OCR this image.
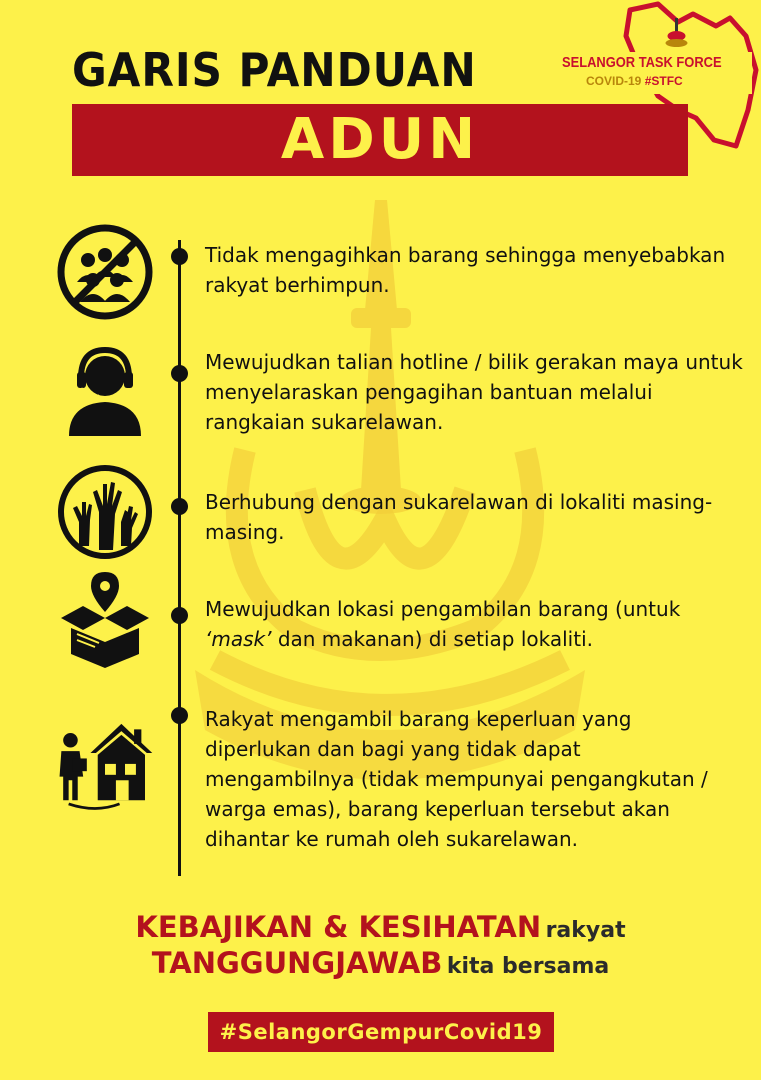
GARIS PANDUAN	SELANGOR TASK FORCE
COVID-19 #STFC
ADUN
Tidak mengagihkan barang sehingga menyebabkan rakyat berhimpun.
Mewujudkan talian hotline / bilik gerakan maya untuk menyelaraskan pengagihan bantuan melalui rangkaian sukarelawan.
Berhubung dengan sukarelawan di lokaliti masing-masing.
Mewujudkan lokasi pengambilan barang (untuk ‘mask’ dan makanan) di setiap lokaliti.
Rakyat mengambil barang keperluan yang diperlukan dan bagi yang tidak dapat mengambilnya (tidak mempunyai pengangkutan / warga emas), barang keperluan tersebut akan dihantar ke rumah oleh sukarelawan.
KEBAJIKAN & KESIHATAN rakyat
TANGGUNGJAWAB kita bersama
#SelangorGempurCovid19
